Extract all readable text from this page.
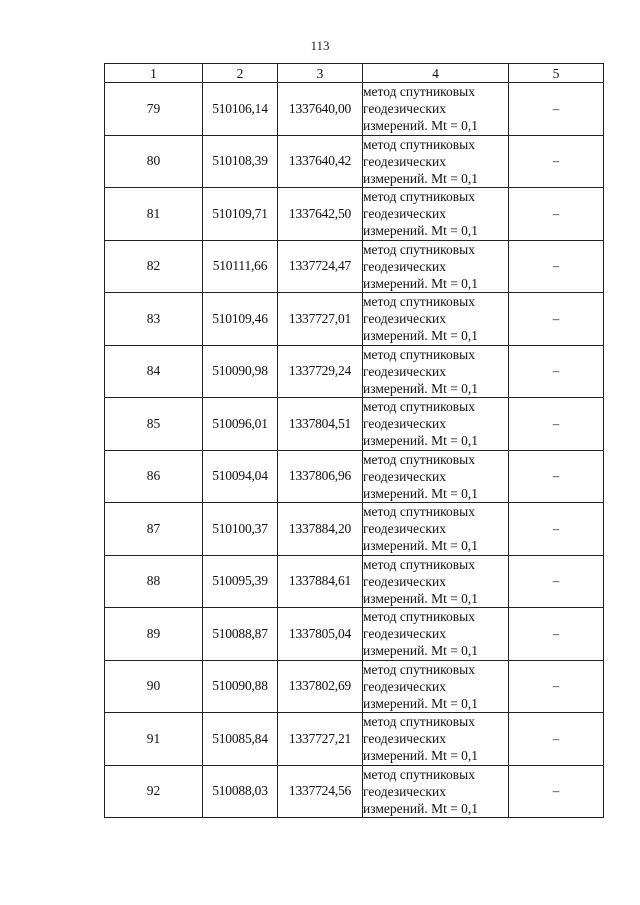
113
1	2	3	4	5
79	510106,14	1337640,00	метод спутниковых
геодезических
измерений. Mt = 0,1	–
80	510108,39	1337640,42	метод спутниковых
геодезических
измерений. Mt = 0,1	–
81	510109,71	1337642,50	метод спутниковых
геодезических
измерений. Mt = 0,1	–
82	510111,66	1337724,47	метод спутниковых
геодезических
измерений. Mt = 0,1	–
83	510109,46	1337727,01	метод спутниковых
геодезических
измерений. Mt = 0,1	–
84	510090,98	1337729,24	метод спутниковых
геодезических
измерений. Mt = 0,1	–
85	510096,01	1337804,51	метод спутниковых
геодезических
измерений. Mt = 0,1	–
86	510094,04	1337806,96	метод спутниковых
геодезических
измерений. Mt = 0,1	–
87	510100,37	1337884,20	метод спутниковых
геодезических
измерений. Mt = 0,1	–
88	510095,39	1337884,61	метод спутниковых
геодезических
измерений. Mt = 0,1	–
89	510088,87	1337805,04	метод спутниковых
геодезических
измерений. Mt = 0,1	–
90	510090,88	1337802,69	метод спутниковых
геодезических
измерений. Mt = 0,1	–
91	510085,84	1337727,21	метод спутниковых
геодезических
измерений. Mt = 0,1	–
92	510088,03	1337724,56	метод спутниковых
геодезических
измерений. Mt = 0,1	–
